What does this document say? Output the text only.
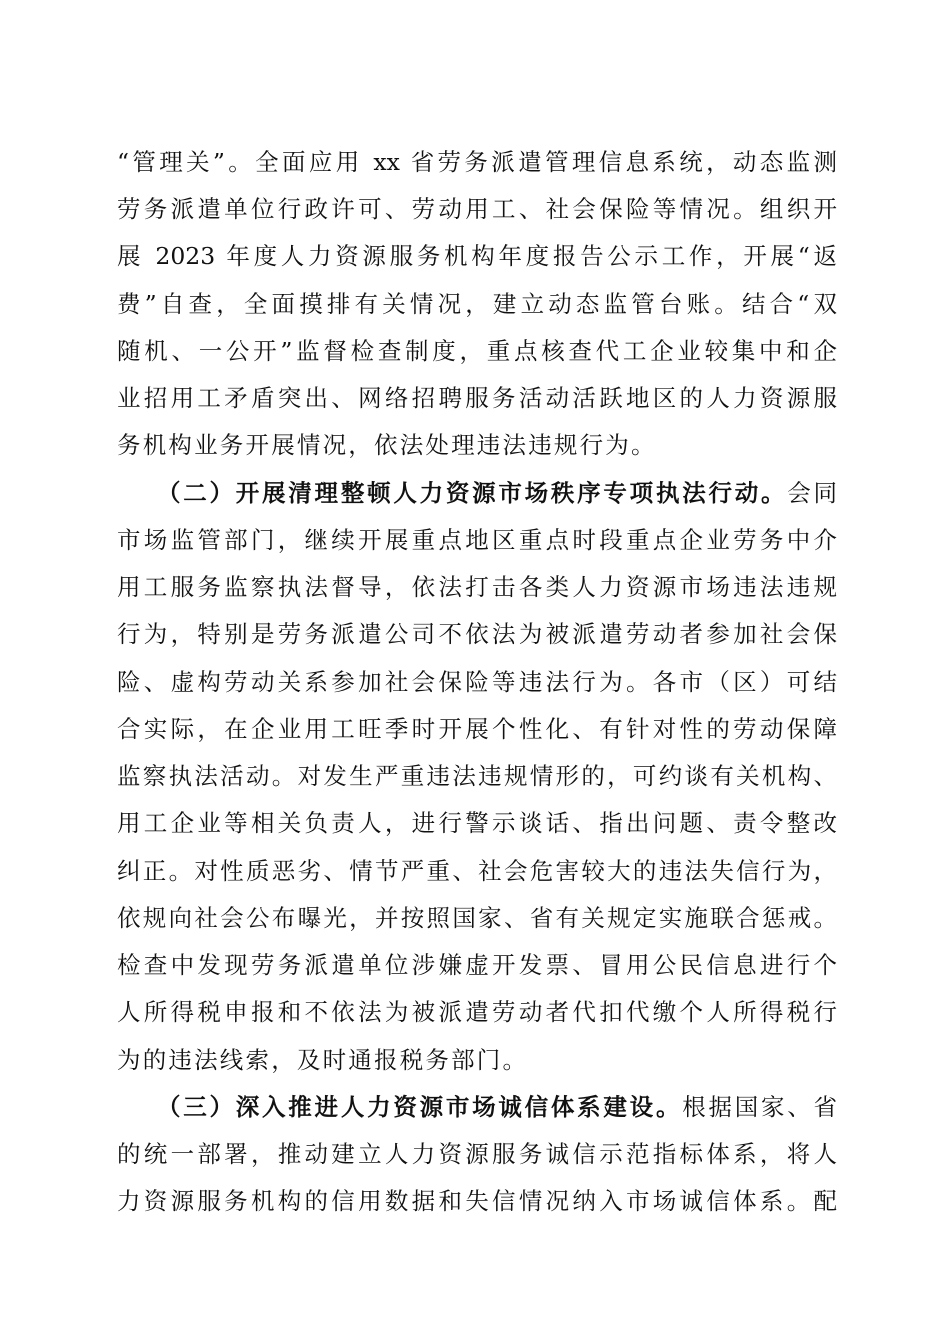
“管理关”。全面应用 xx 省劳务派遣管理信息系统，动态监测
劳务派遣单位行政许可、劳动用工、社会保险等情况。组织开
展 2023 年度人力资源服务机构年度报告公示工作，开展“返
费”自查，全面摸排有关情况，建立动态监管台账。结合“双
随机、一公开”监督检查制度，重点核查代工企业较集中和企
业招用工矛盾突出、网络招聘服务活动活跃地区的人力资源服
务机构业务开展情况，依法处理违法违规行为。
（二）开展清理整顿人力资源市场秩序专项执法行动。会同
市场监管部门，继续开展重点地区重点时段重点企业劳务中介
用工服务监察执法督导，依法打击各类人力资源市场违法违规
行为，特别是劳务派遣公司不依法为被派遣劳动者参加社会保
险、虚构劳动关系参加社会保险等违法行为。各市（区）可结
合实际，在企业用工旺季时开展个性化、有针对性的劳动保障
监察执法活动。对发生严重违法违规情形的，可约谈有关机构、
用工企业等相关负责人，进行警示谈话、指出问题、责令整改
纠正。对性质恶劣、情节严重、社会危害较大的违法失信行为，
依规向社会公布曝光，并按照国家、省有关规定实施联合惩戒。
检查中发现劳务派遣单位涉嫌虚开发票、冒用公民信息进行个
人所得税申报和不依法为被派遣劳动者代扣代缴个人所得税行
为的违法线索，及时通报税务部门。
（三）深入推进人力资源市场诚信体系建设。根据国家、省
的统一部署，推动建立人力资源服务诚信示范指标体系，将人
力资源服务机构的信用数据和失信情况纳入市场诚信体系。配
